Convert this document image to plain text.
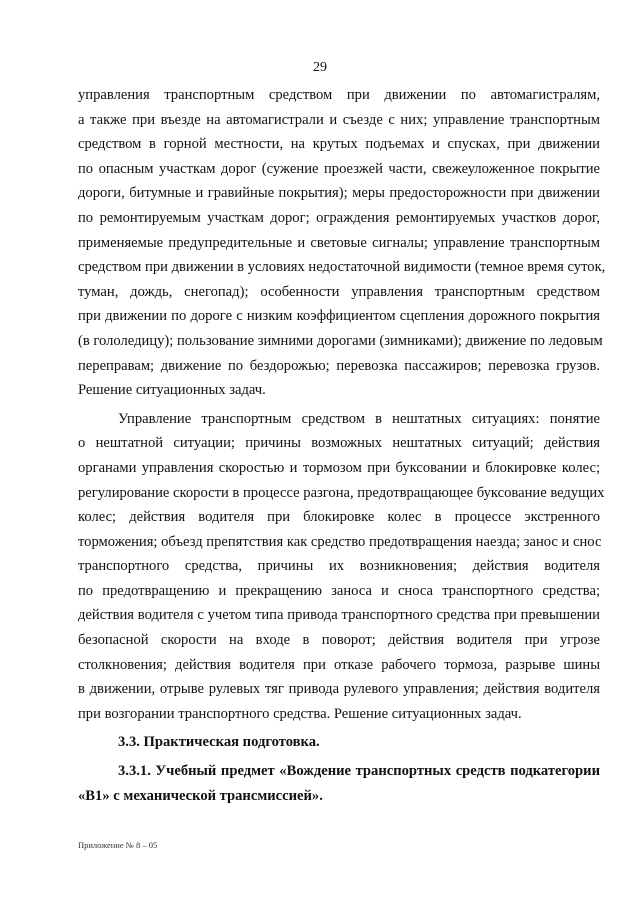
29
управления транспортным средством при движении по автомагистралям,
а также при въезде на автомагистрали и съезде с них; управление транспортным
средством в горной местности, на крутых подъемах и спусках, при движении
по опасным участкам дорог (сужение проезжей части, свежеуложенное покрытие
дороги, битумные и гравийные покрытия); меры предосторожности при движении
по ремонтируемым участкам дорог; ограждения ремонтируемых участков дорог,
применяемые предупредительные и световые сигналы; управление транспортным
средством при движении в условиях недостаточной видимости (темное время суток,
туман, дождь, снегопад); особенности управления транспортным средством
при движении по дороге с низким коэффициентом сцепления дорожного покрытия
(в гололедицу); пользование зимними дорогами (зимниками); движение по ледовым
переправам; движение по бездорожью; перевозка пассажиров; перевозка грузов.
Решение ситуационных задач.
Управление транспортным средством в нештатных ситуациях: понятие
о нештатной ситуации; причины возможных нештатных ситуаций; действия
органами управления скоростью и тормозом при буксовании и блокировке колес;
регулирование скорости в процессе разгона, предотвращающее буксование ведущих
колес; действия водителя при блокировке колес в процессе экстренного
торможения; объезд препятствия как средство предотвращения наезда; занос и снос
транспортного средства, причины их возникновения; действия водителя
по предотвращению и прекращению заноса и сноса транспортного средства;
действия водителя с учетом типа привода транспортного средства при превышении
безопасной скорости на входе в поворот; действия водителя при угрозе
столкновения; действия водителя при отказе рабочего тормоза, разрыве шины
в движении, отрыве рулевых тяг привода рулевого управления; действия водителя
при возгорании транспортного средства. Решение ситуационных задач.
3.3. Практическая подготовка.
3.3.1. Учебный предмет «Вождение транспортных средств подкатегории
«В1» с механической трансмиссией».
Приложение № 8 – 05
